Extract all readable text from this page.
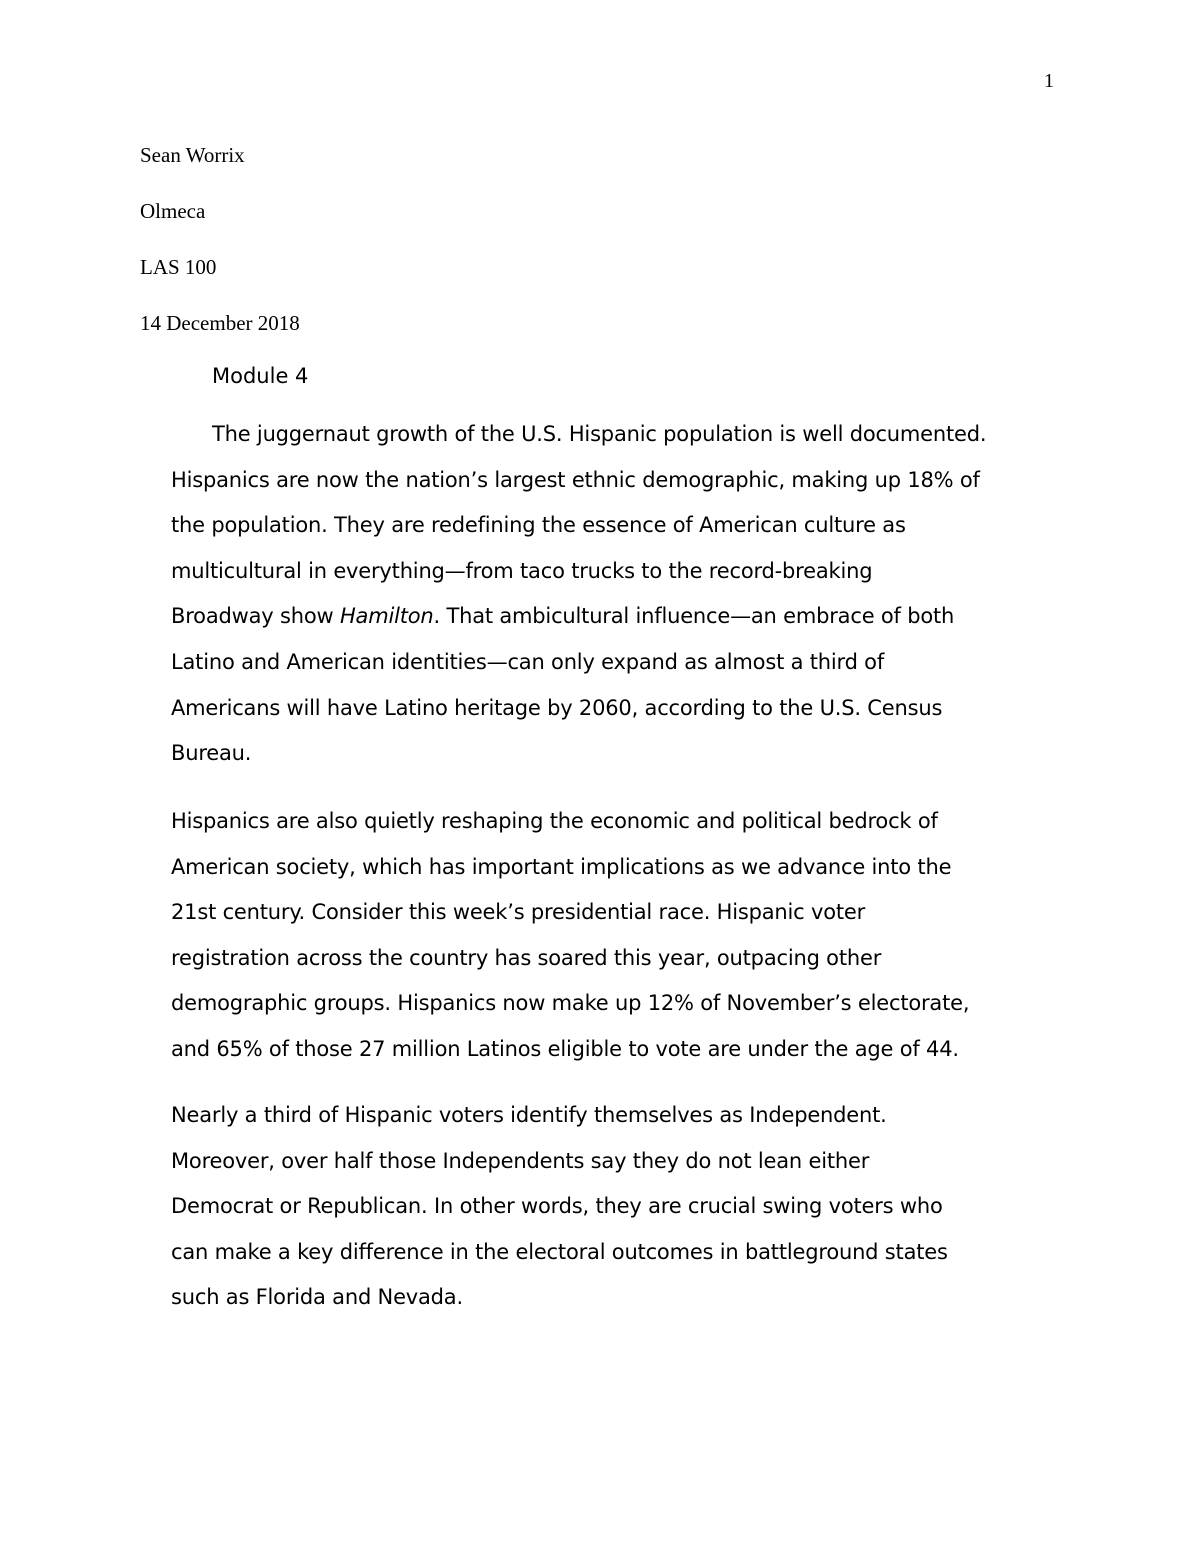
1
Sean Worrix
Olmeca
LAS 100
14 December 2018
Module 4
The juggernaut growth of the U.S. Hispanic population is well documented.
Hispanics are now the nation’s largest ethnic demographic, making up 18% of
the population. They are redefining the essence of American culture as
multicultural in everything—from taco trucks to the record-breaking
Broadway show Hamilton. That ambicultural influence—an embrace of both
Latino and American identities—can only expand as almost a third of
Americans will have Latino heritage by 2060, according to the U.S. Census
Bureau.
Hispanics are also quietly reshaping the economic and political bedrock of
American society, which has important implications as we advance into the
21st century. Consider this week’s presidential race. Hispanic voter
registration across the country has soared this year, outpacing other
demographic groups. Hispanics now make up 12% of November’s electorate,
and 65% of those 27 million Latinos eligible to vote are under the age of 44.
Nearly a third of Hispanic voters identify themselves as Independent.
Moreover, over half those Independents say they do not lean either
Democrat or Republican. In other words, they are crucial swing voters who
can make a key difference in the electoral outcomes in battleground states
such as Florida and Nevada.
